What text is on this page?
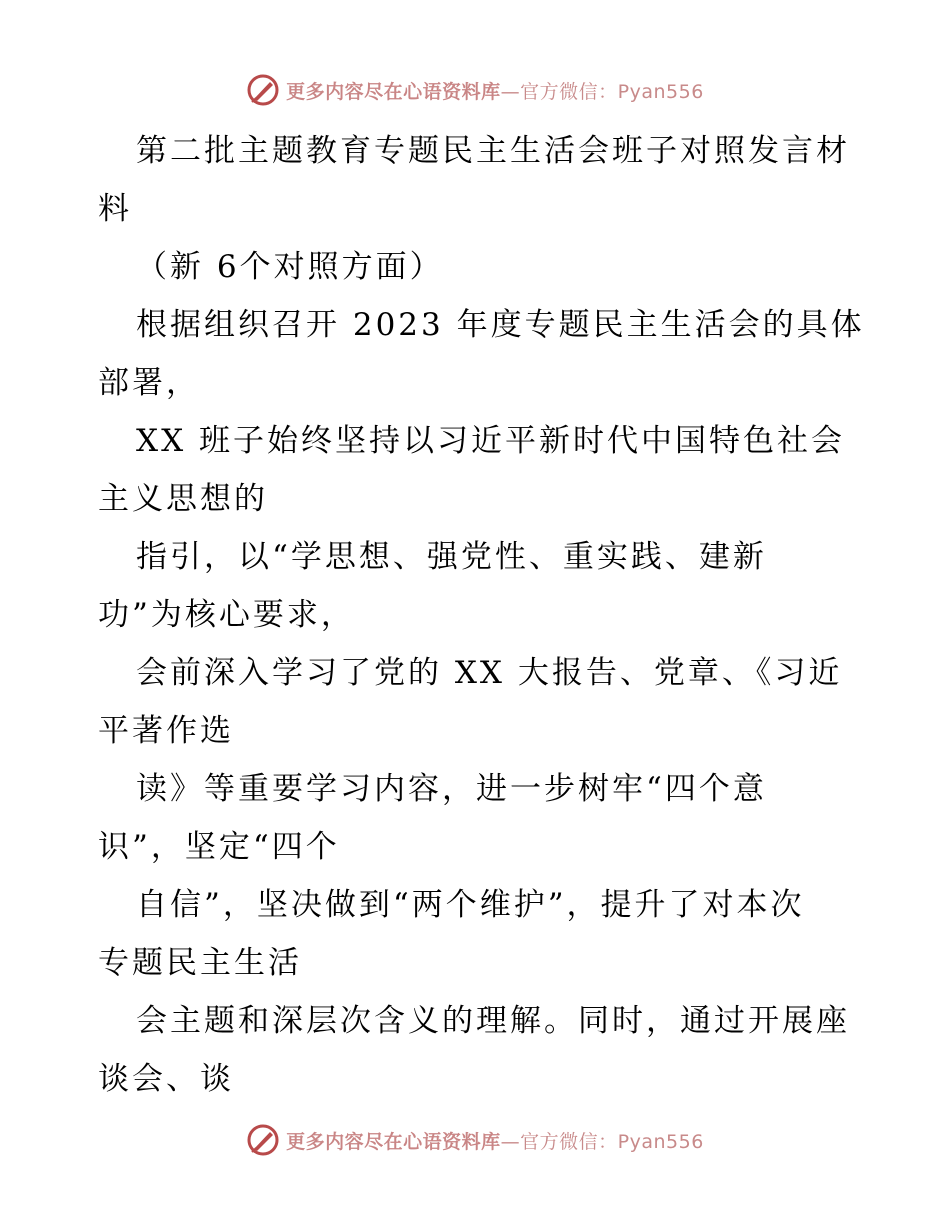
更多内容尽在心语资料库—官方微信：Pyan556

第二批主题教育专题民主生活会班子对照发言材

料

（新 6个对照方面）

根据组织召开 2023 年度专题民主生活会的具体

部署，

XX 班子始终坚持以习近平新时代中国特色社会

主义思想的

指引，以“学思想、强党性、重实践、建新

功”为核心要求，

会前深入学习了党的 XX 大报告、党章、《习近

平著作选

读》等重要学习内容，进一步树牢“四个意

识”，坚定“四个

自信”，坚决做到“两个维护”，提升了对本次

专题民主生活

会主题和深层次含义的理解。同时，通过开展座

谈会、谈

更多内容尽在心语资料库—官方微信：Pyan556
